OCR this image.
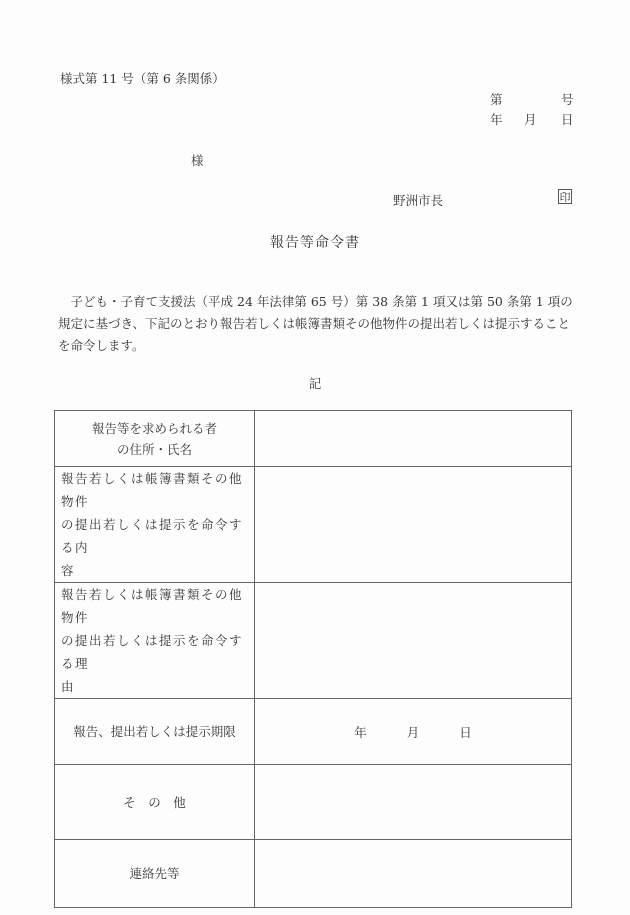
様式第 11 号（第 6 条関係）
第	号
年 月 日
様
野洲市長	印
報告等命令書
　子ども・子育て支援法（平成 24 年法律第 65 号）第 38 条第 1 項又は第 50 条第 1 項の規定に基づき、下記のとおり報告若しくは帳簿書類その他物件の提出若しくは提示することを命令します。
記
報告等を求められる者
の住所・氏名	

報告若しくは帳簿書類その他物件
の提出若しくは提示を命令する内
容	

報告若しくは帳簿書類その他物件
の提出若しくは提示を命令する理
由	

報告、提出若しくは提示期限	年 月 日

そ　の　他	

連絡先等	
